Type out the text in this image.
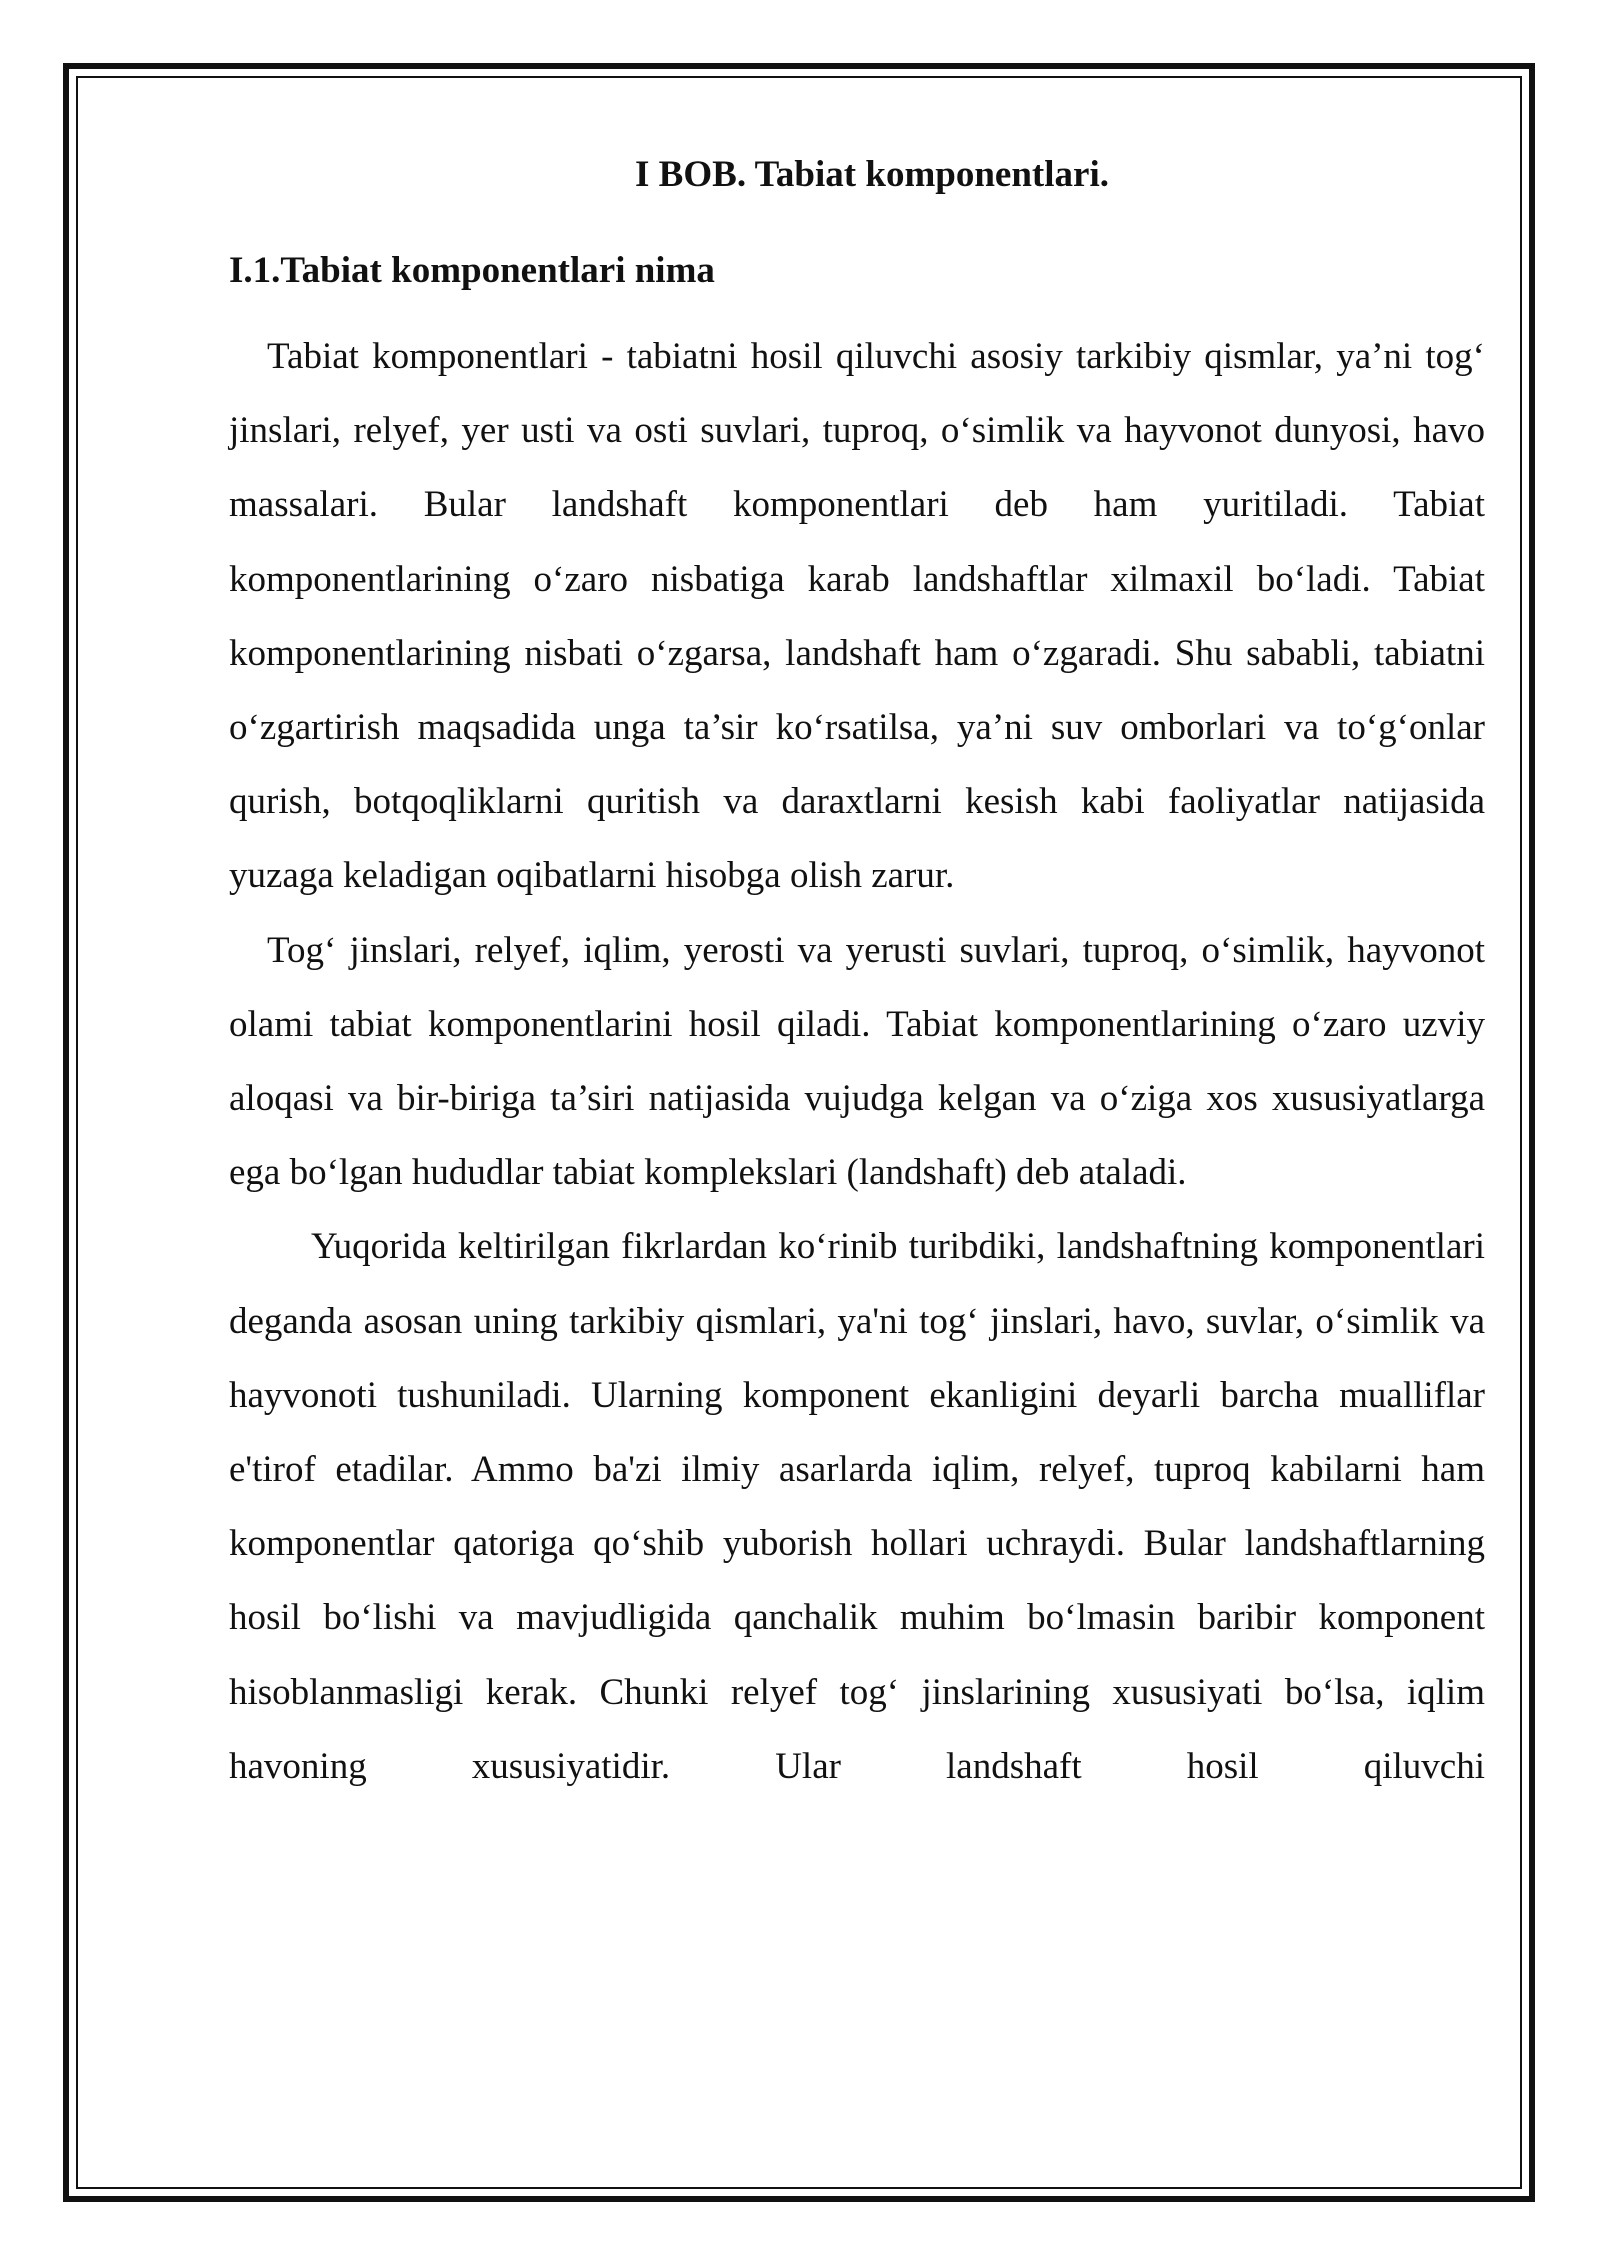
I BOB. Tabiat komponentlari.
I.1.Tabiat komponentlari nima

Tabiat komponentlari - tabiatni hosil qiluvchi asosiy tarkibiy qismlar, ya’ni tog‘ jinslari, relyef, yer usti va osti suvlari, tuproq, o‘simlik va hayvonot dunyosi, havo massalari. Bular landshaft komponentlari deb ham yuritiladi. Tabiat komponentlarining o‘zaro nisbatiga karab landshaftlar xilmaxil bo‘ladi. Tabiat komponentlarining nisbati o‘zgarsa, landshaft ham o‘zgaradi. Shu sababli, tabiatni o‘zgartirish maqsadida unga ta’sir ko‘rsatilsa, ya’ni suv omborlari va to‘g‘onlar qurish, botqoqliklarni quritish va daraxtlarni kesish kabi faoliyatlar natijasida yuzaga keladigan oqibatlarni hisobga olish zarur.

Tog‘ jinslari, relyef, iqlim, yerosti va yerusti suvlari, tuproq, o‘simlik, hayvonot olami tabiat komponentlarini hosil qiladi. Tabiat komponentlarining o‘zaro uzviy aloqasi va bir-biriga ta’siri natijasida vujudga kelgan va o‘ziga xos xususiyatlarga ega bo‘lgan hududlar tabiat komplekslari (landshaft) deb ataladi.

Yuqorida keltirilgan fikrlardan ko‘rinib turibdiki, landshaftning komponentlari deganda asosan uning tarkibiy qismlari, ya'ni tog‘ jinslari, havo, suvlar, o‘simlik va hayvonoti tushuniladi. Ularning komponent ekanligini deyarli barcha mualliflar e'tirof etadilar. Ammo ba'zi ilmiy asarlarda iqlim, relyef, tuproq kabilarni ham komponentlar qatoriga qo‘shib yuborish hollari uchraydi. Bular landshaftlarning hosil bo‘lishi va mavjudligida qanchalik muhim bo‘lmasin baribir komponent hisoblanmasligi kerak. Chunki relyef tog‘ jinslarining xususiyati bo‘lsa, iqlim havoning xususiyatidir. Ular landshaft hosil qiluvchi
